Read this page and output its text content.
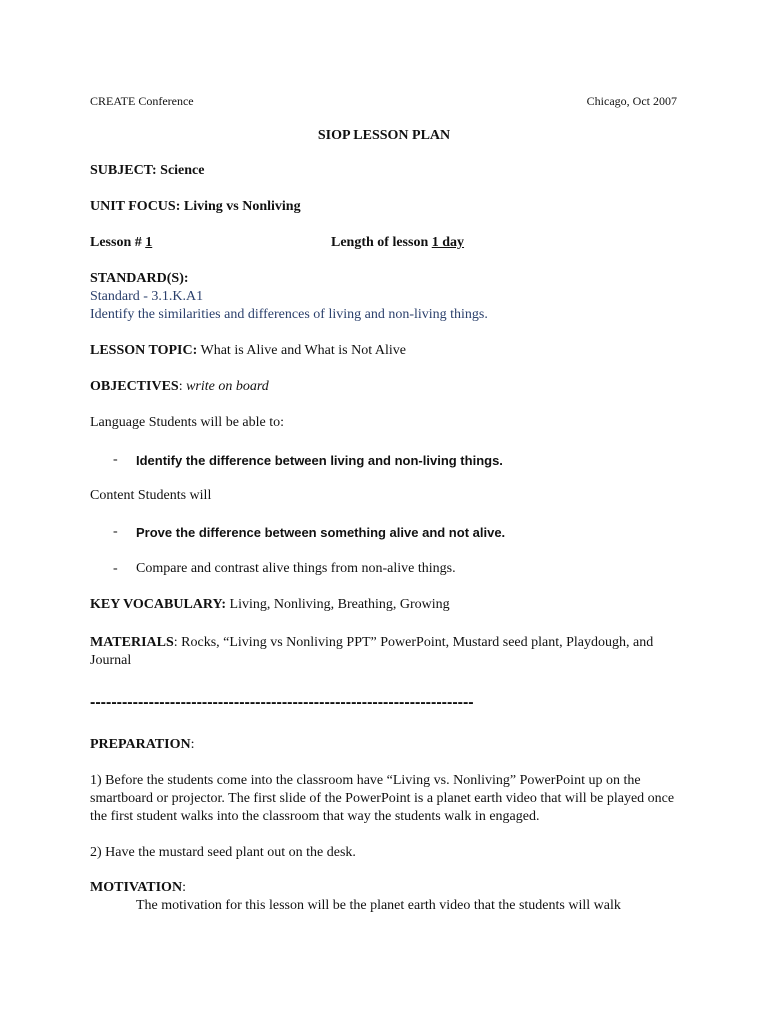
CREATE Conference	Chicago, Oct 2007
SIOP LESSON PLAN
SUBJECT: Science
UNIT FOCUS: Living vs Nonliving
Lesson # 1	Length of lesson 1 day
STANDARD(S):
Standard - 3.1.K.A1
Identify the similarities and differences of living and non-living things.
LESSON TOPIC: What is Alive and What is Not Alive
OBJECTIVES: write on board
Language Students will be able to:
- Identify the difference between living and non-living things.
Content Students will
- Prove the difference between something alive and not alive.
- Compare and contrast alive things from non-alive things.
KEY VOCABULARY: Living, Nonliving, Breathing, Growing
MATERIALS: Rocks, “Living vs Nonliving PPT” PowerPoint, Mustard seed plant, Playdough, and Journal
------------------------------------------------------------------------
PREPARATION:
1) Before the students come into the classroom have “Living vs. Nonliving” PowerPoint up on the smartboard or projector. The first slide of the PowerPoint is a planet earth video that will be played once the first student walks into the classroom that way the students walk in engaged.
2) Have the mustard seed plant out on the desk.
MOTIVATION:
The motivation for this lesson will be the planet earth video that the students will walk
